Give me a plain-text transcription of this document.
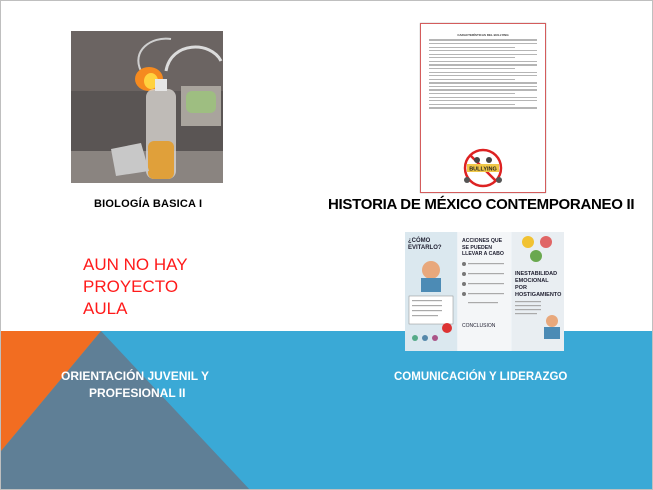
BIOLOGÍA BASICA I
CARACTERÍSTICAS DEL BULLYING
BULLYING
HISTORIA DE MÉXICO CONTEMPORANEO II
AUN NO HAY
PROYECTO
AULA
¿CÓMO EVITARLO?
ACCIONES QUE SE PUEDEN LLEVAR A CABO
CONCLUSION
INESTABILIDAD EMOCIONAL POR HOSTIGAMIENTO
ORIENTACIÓN JUVENIL Y
PROFESIONAL II
COMUNICACIÓN Y LIDERAZGO
